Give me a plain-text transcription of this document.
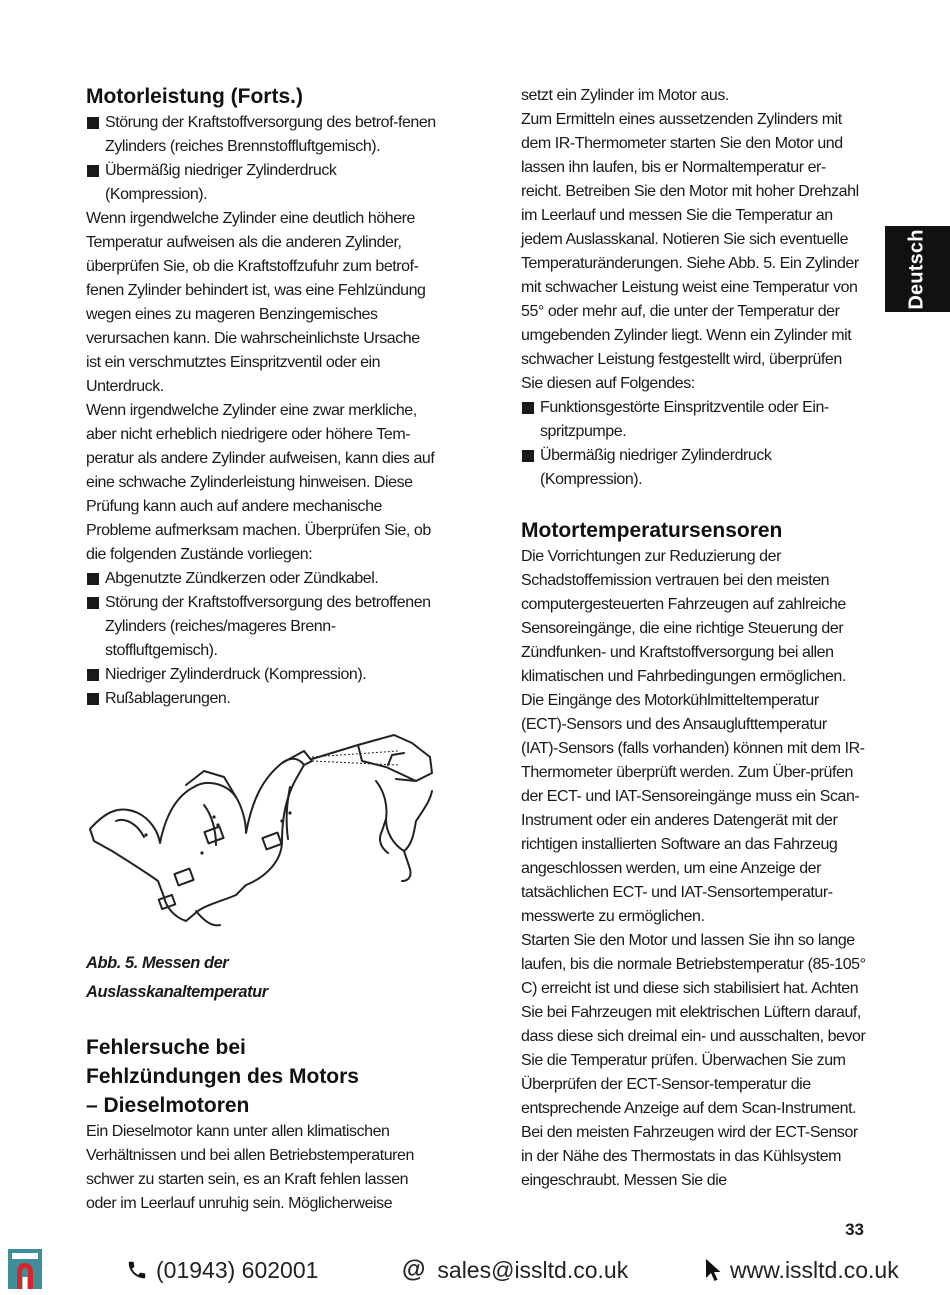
Motorleistung (Forts.)

Störung der Kraftstoffversorgung des betrof-fenen Zylinders (reiches Brennstoffluftgemisch).

Übermäßig niedriger Zylinderdruck (Kompression).

Wenn irgendwelche Zylinder eine deutlich höhere Temperatur aufweisen als die anderen Zylinder, überprüfen Sie, ob die Kraftstoffzufuhr zum betrof-fenen Zylinder behindert ist, was eine Fehlzündung wegen eines zu mageren Benzingemisches verursachen kann. Die wahrscheinlichste Ursache ist ein verschmutztes Einspritzventil oder ein Unterdruck.

Wenn irgendwelche Zylinder eine zwar merkliche, aber nicht erheblich niedrigere oder höhere Tem-peratur als andere Zylinder aufweisen, kann dies auf eine schwache Zylinderleistung hinweisen. Diese Prüfung kann auch auf andere mechanische Probleme aufmerksam machen. Überprüfen Sie, ob die folgenden Zustände vorliegen:

Abgenutzte Zündkerzen oder Zündkabel.

Störung der Kraftstoffversorgung des betroffenen Zylinders (reiches/mageres Brenn-stoffluftgemisch).

Niedriger Zylinderdruck (Kompression).

Rußablagerungen.

Abb. 5. Messen der

Auslasskanaltemperatur

Fehlersuche bei
Fehlzündungen des Motors
– Dieselmotoren

Ein Dieselmotor kann unter allen klimatischen Verhältnissen und bei allen Betriebstemperaturen schwer zu starten sein, es an Kraft fehlen lassen oder im Leerlauf unruhig sein. Möglicherweise

setzt ein Zylinder im Motor aus.

Zum Ermitteln eines aussetzenden Zylinders mit dem IR-Thermometer starten Sie den Motor und lassen ihn laufen, bis er Normaltemperatur er-reicht. Betreiben Sie den Motor mit hoher Drehzahl im Leerlauf und messen Sie die Temperatur an jedem Auslasskanal. Notieren Sie sich eventuelle Temperaturänderungen. Siehe Abb. 5. Ein Zylinder mit schwacher Leistung weist eine Temperatur von 55° oder mehr auf, die unter der Temperatur der umgebenden Zylinder liegt. Wenn ein Zylinder mit schwacher Leistung festgestellt wird, überprüfen Sie diesen auf Folgendes:

Funktionsgestörte Einspritzventile oder Ein-spritzpumpe.

Übermäßig niedriger Zylinderdruck (Kompression).

Motortemperatursensoren

Die Vorrichtungen zur Reduzierung der Schadstoffemission vertrauen bei den meisten computergesteuerten Fahrzeugen auf zahlreiche Sensoreingänge, die eine richtige Steuerung der Zündfunken- und Kraftstoffversorgung bei allen klimatischen und Fahrbedingungen ermöglichen. Die Eingänge des Motorkühlmitteltemperatur (ECT)-Sensors und des Ansauglufttemperatur (IAT)-Sensors (falls vorhanden) können mit dem IR-Thermometer überprüft werden. Zum Über-prüfen der ECT- und IAT-Sensoreingänge muss ein Scan-Instrument oder ein anderes Datengerät mit der richtigen installierten Software an das Fahrzeug angeschlossen werden, um eine Anzeige der tatsächlichen ECT- und IAT-Sensortemperatur-messwerte zu ermöglichen.

Starten Sie den Motor und lassen Sie ihn so lange laufen, bis die normale Betriebstemperatur (85-105° C) erreicht ist und diese sich stabilisiert hat. Achten Sie bei Fahrzeugen mit elektrischen Lüftern darauf, dass diese sich dreimal ein- und ausschalten, bevor Sie die Temperatur prüfen. Überwachen Sie zum Überprüfen der ECT-Sensor-temperatur die entsprechende Anzeige auf dem Scan-Instrument. Bei den meisten Fahrzeugen wird der ECT-Sensor in der Nähe des Thermostats in das Kühlsystem eingeschraubt. Messen Sie die

Deutsch
33
(01943) 602001	@ sales@issltd.co.uk	www.issltd.co.uk
